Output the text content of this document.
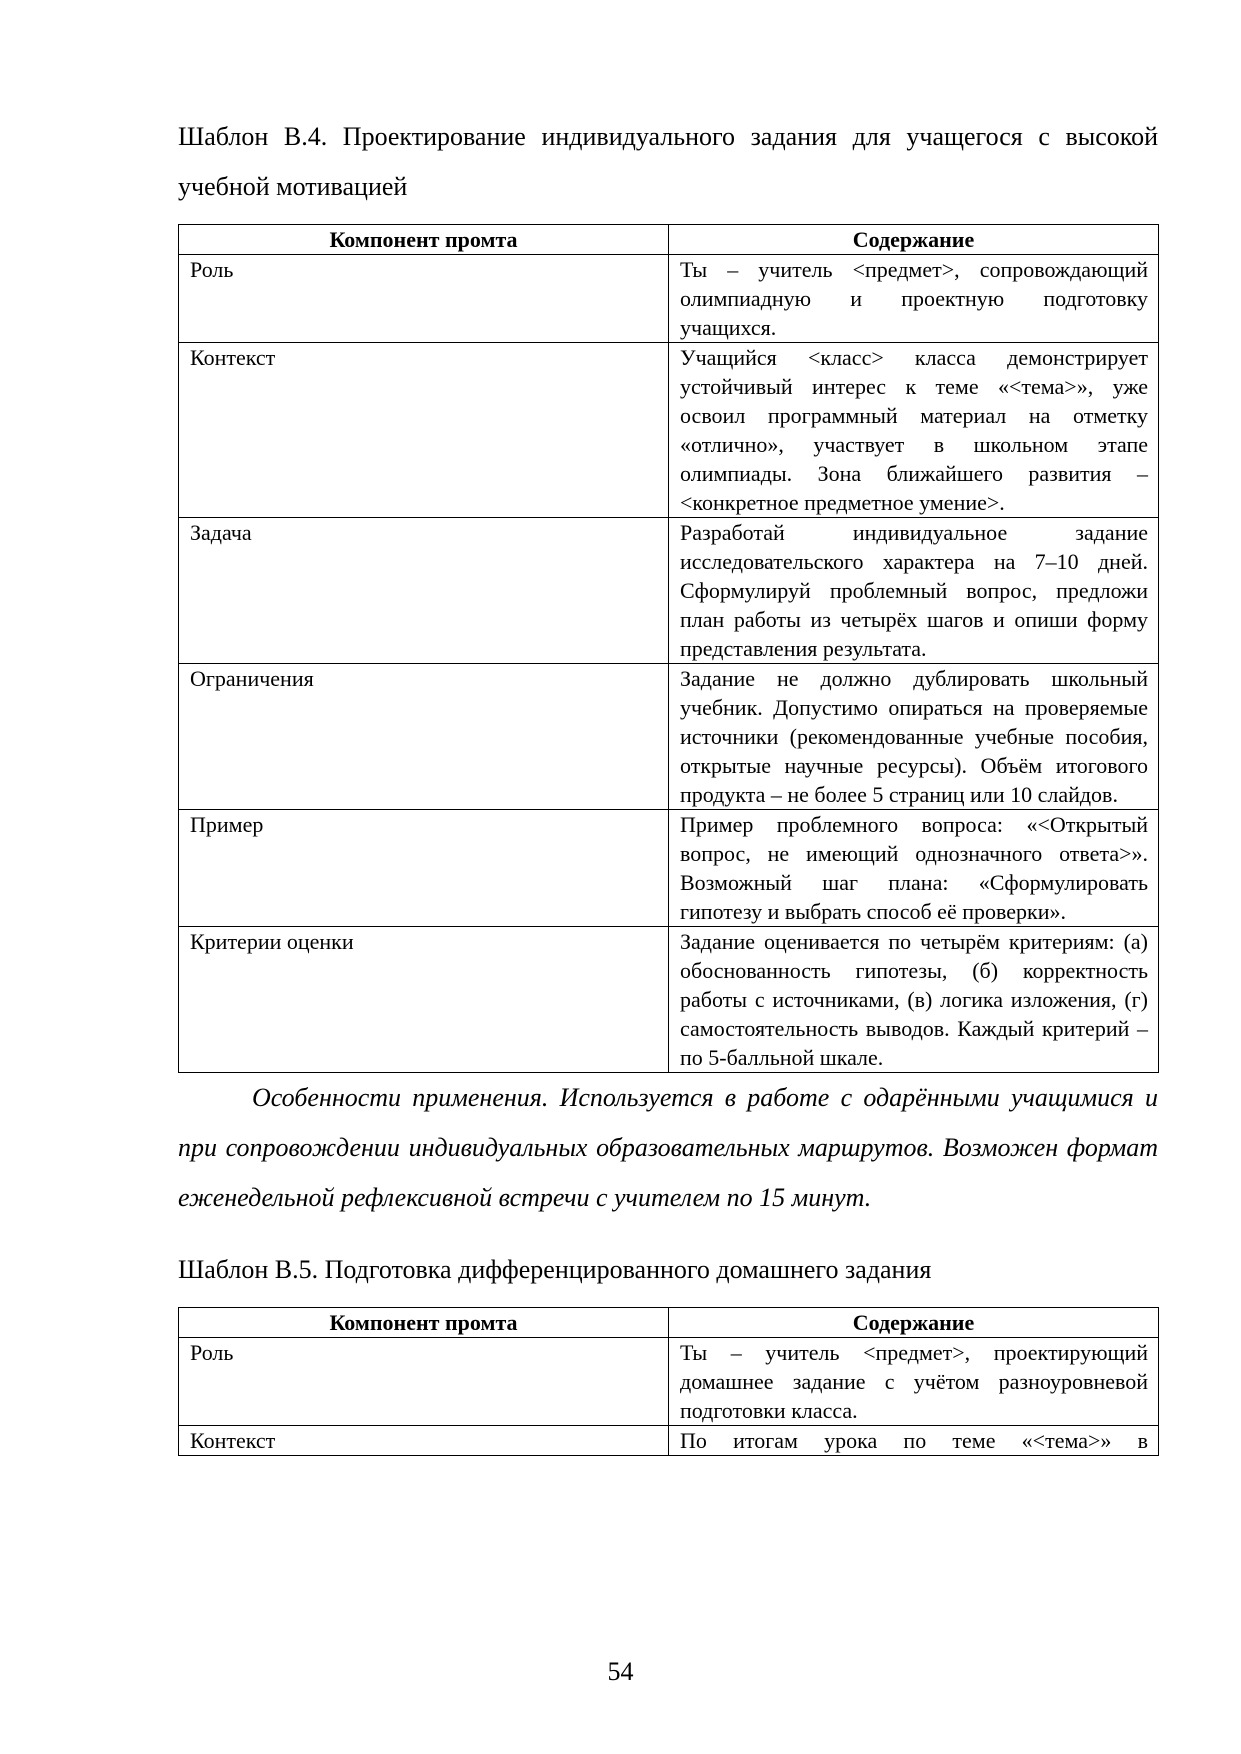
Шаблон В.4. Проектирование индивидуального задания для учащегося с высокой учебной мотивацией

Компонент промта	Содержание
Роль	Ты – учитель <предмет>, сопровождающий олимпиадную и проектную подготовку учащихся.
Контекст	Учащийся <класс> класса демонстрирует устойчивый интерес к теме «<тема>», уже освоил программный материал на отметку «отлично», участвует в школьном этапе олимпиады. Зона ближайшего развития – <конкретное предметное умение>.
Задача	Разработай индивидуальное задание исследовательского характера на 7–10 дней. Сформулируй проблемный вопрос, предложи план работы из четырёх шагов и опиши форму представления результата.
Ограничения	Задание не должно дублировать школьный учебник. Допустимо опираться на проверяемые источники (рекомендованные учебные пособия, открытые научные ресурсы). Объём итогового продукта – не более 5 страниц или 10 слайдов.
Пример	Пример проблемного вопроса: «<Открытый вопрос, не имеющий однозначного ответа>». Возможный шаг плана: «Сформулировать гипотезу и выбрать способ её проверки».
Критерии оценки	Задание оценивается по четырём критериям: (а) обоснованность гипотезы, (б) корректность работы с источниками, (в) логика изложения, (г) самостоятельность выводов. Каждый критерий – по 5-балльной шкале.

Особенности применения. Используется в работе с одарёнными учащимися и при сопровождении индивидуальных образовательных маршрутов. Возможен формат еженедельной рефлексивной встречи с учителем по 15 минут.

Шаблон В.5. Подготовка дифференцированного домашнего задания

Компонент промта	Содержание
Роль	Ты – учитель <предмет>, проектирующий домашнее задание с учётом разноуровневой подготовки класса.
Контекст	По итогам урока по теме «<тема>» в
54
